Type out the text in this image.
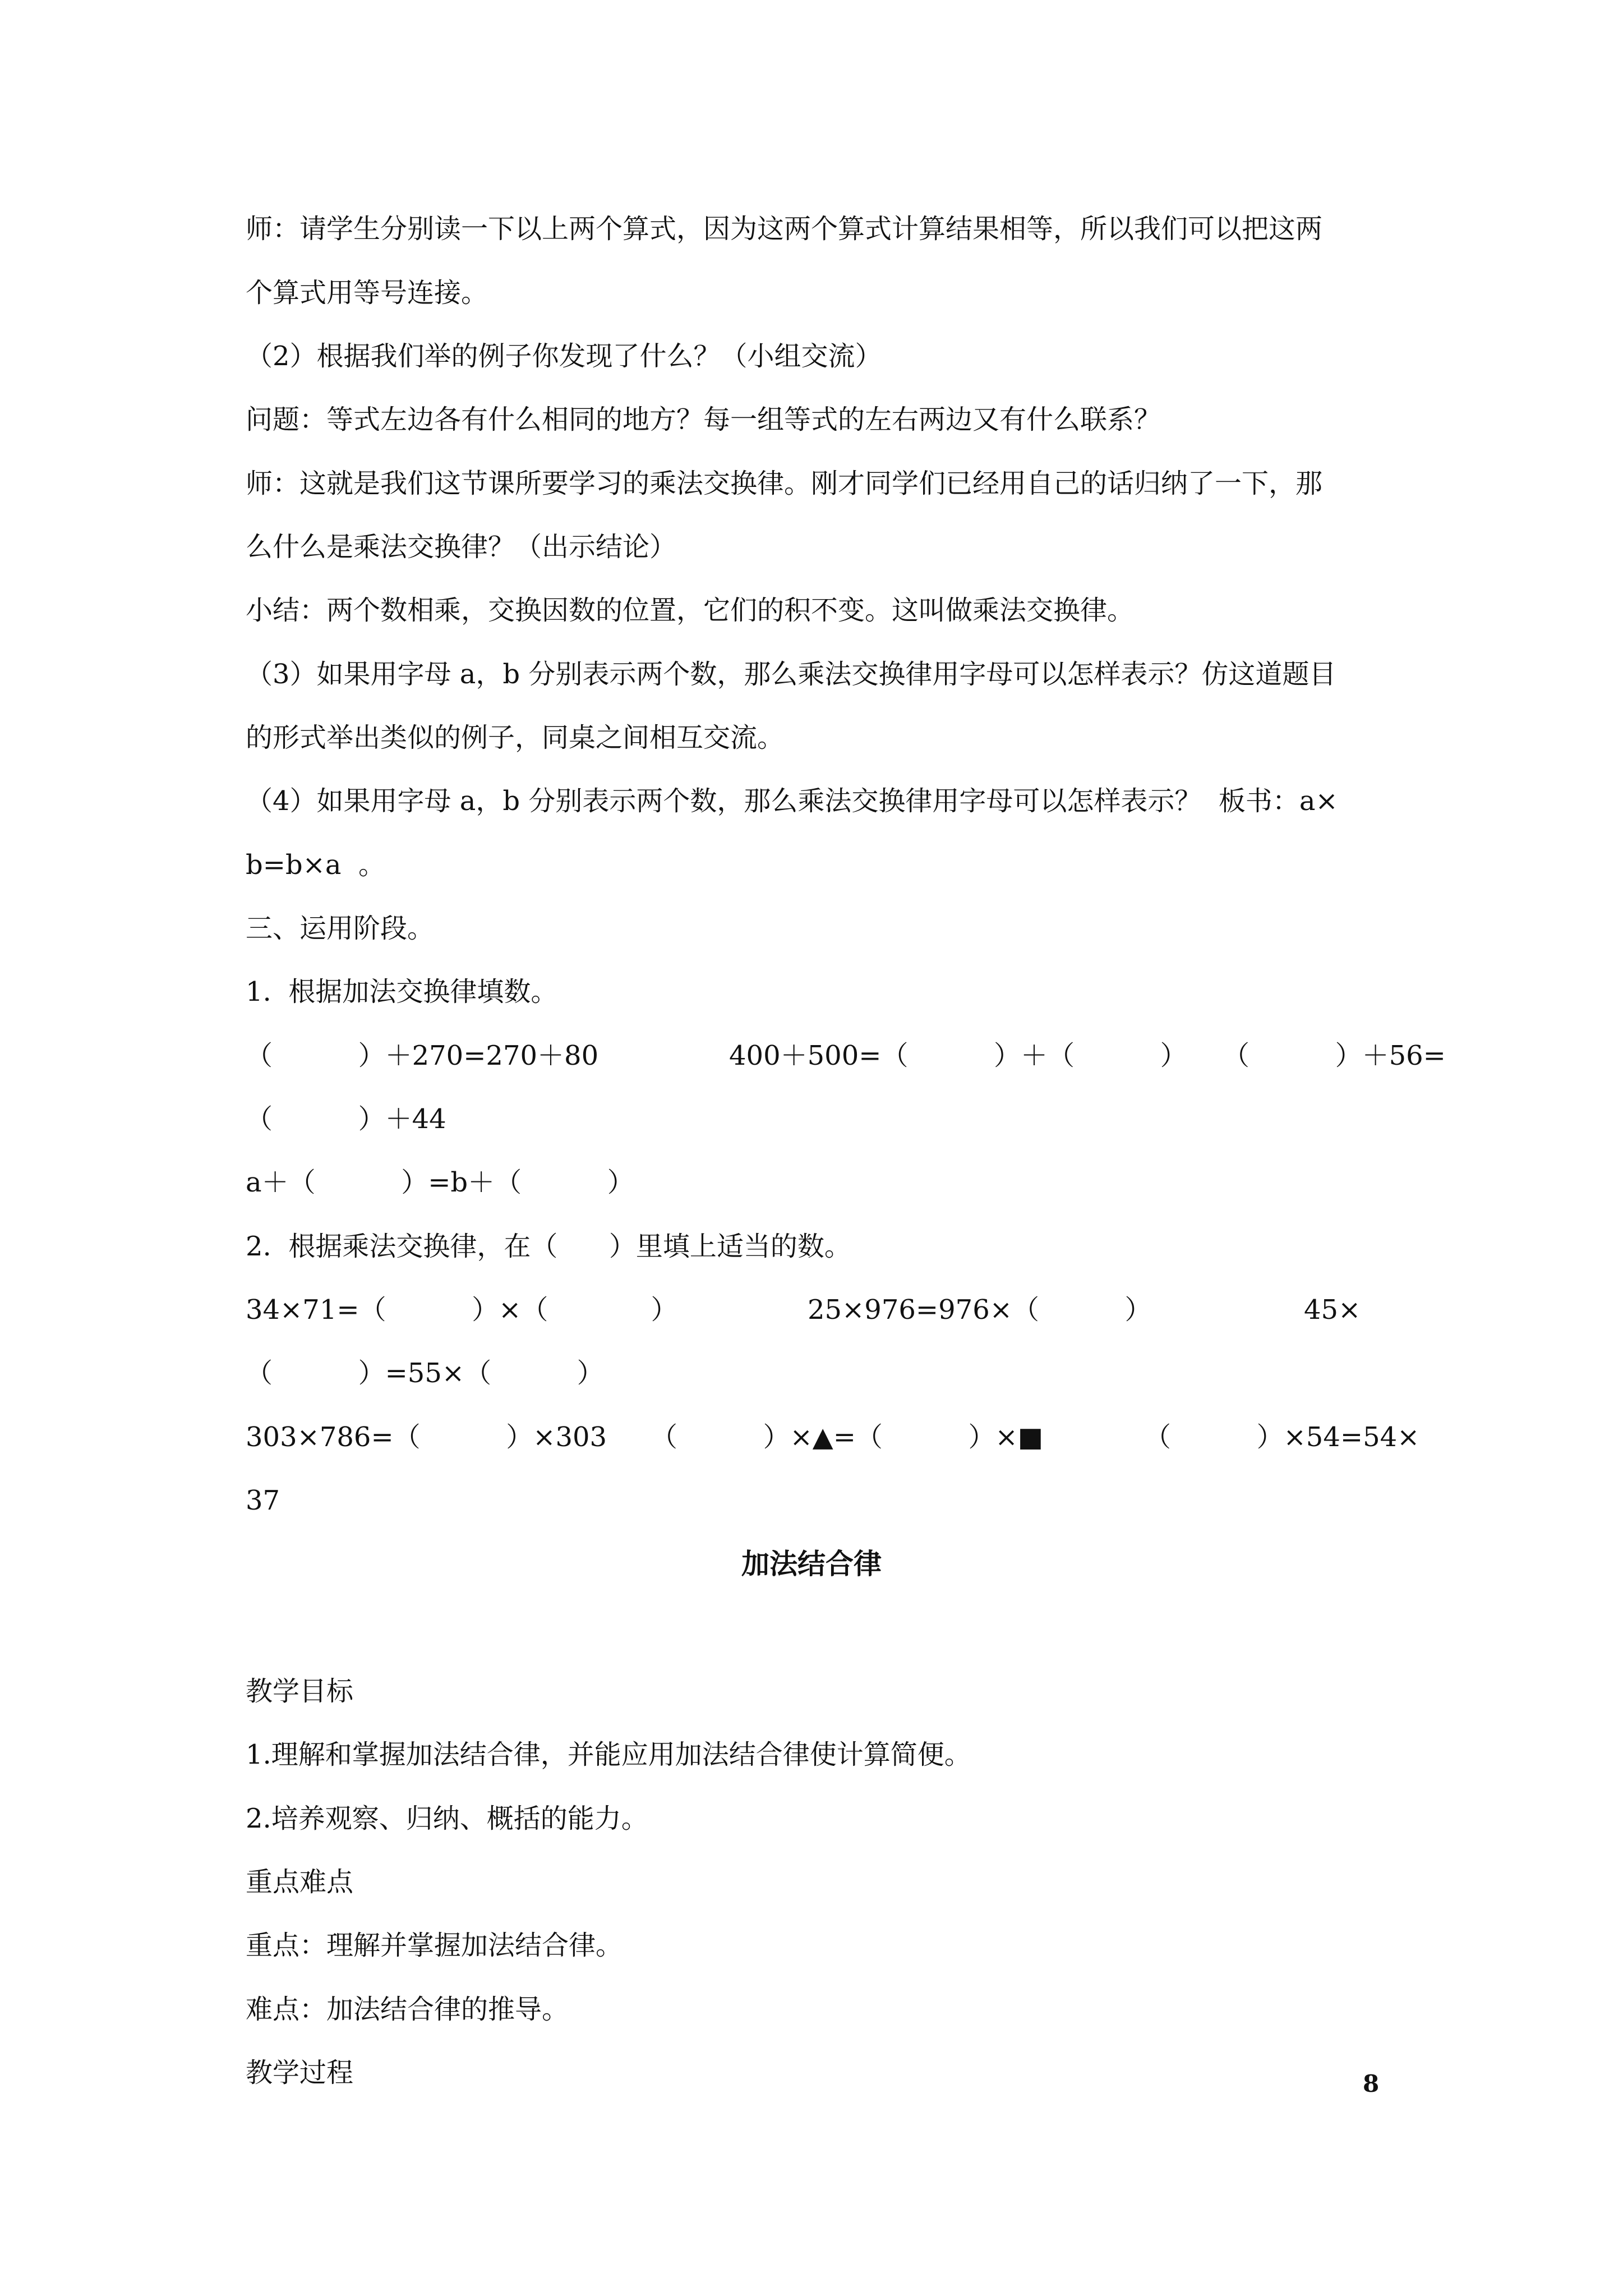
师：请学生分别读一下以上两个算式，因为这两个算式计算结果相等，所以我们可以把这两
个算式用等号连接。
（2）根据我们举的例子你发现了什么？（小组交流）
问题：等式左边各有什么相同的地方？每一组等式的左右两边又有什么联系？
师：这就是我们这节课所要学习的乘法交换律。刚才同学们已经用自己的话归纳了一下，那
么什么是乘法交换律？（出示结论）
小结：两个数相乘，交换因数的位置，它们的积不变。这叫做乘法交换律。
（3）如果用字母 a，b 分别表示两个数，那么乘法交换律用字母可以怎样表示？仿这道题目
的形式举出类似的例子，同桌之间相互交流。
（4）如果用字母 a，b 分别表示两个数，那么乘法交换律用字母可以怎样表示？  板书：a×
b=b×a  。
三、运用阶段。
1.  根据加法交换律填数。
（          ）＋270=270＋80	400＋500=（          ）＋（          ） （          ）＋56=
（          ）＋44
a＋（          ）=b＋（          ）
2.  根据乘法交换律，在（      ）里填上适当的数。
34×71=（          ）×（            ）	25×976=976×（          ）	45×
（          ）=55×（          ）
303×786=（          ）×303 （          ）×▲=（          ）×■	（          ）×54=54×
37
加法结合律
教学目标
1.理解和掌握加法结合律，并能应用加法结合律使计算简便。
2.培养观察、归纳、概括的能力。
重点难点
重点：理解并掌握加法结合律。
难点：加法结合律的推导。
教学过程	8
